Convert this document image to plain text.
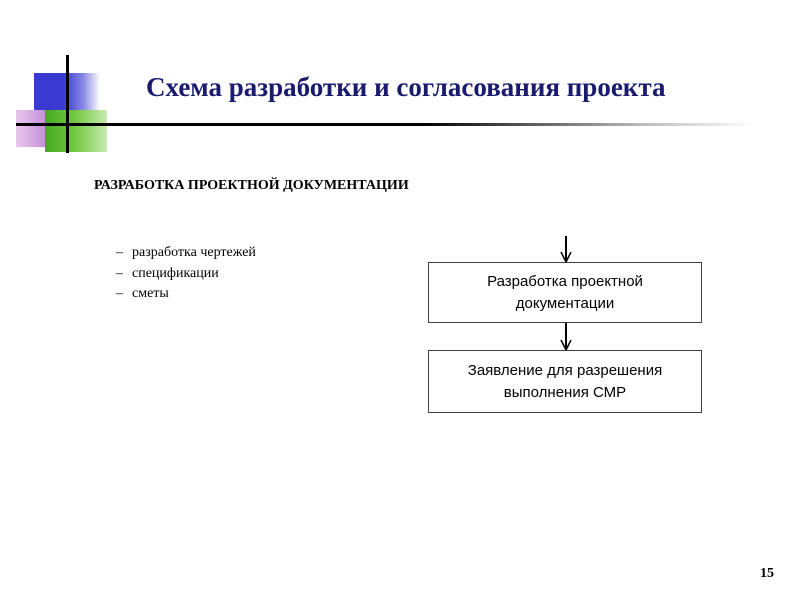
Схема разработки и согласования проекта

РАЗРАБОТКА ПРОЕКТНОЙ ДОКУМЕНТАЦИИ

– разработка чертежей
– спецификации
– сметы
Разработка проектной
документации
Заявление для разрешения
выполнения СМР
15
